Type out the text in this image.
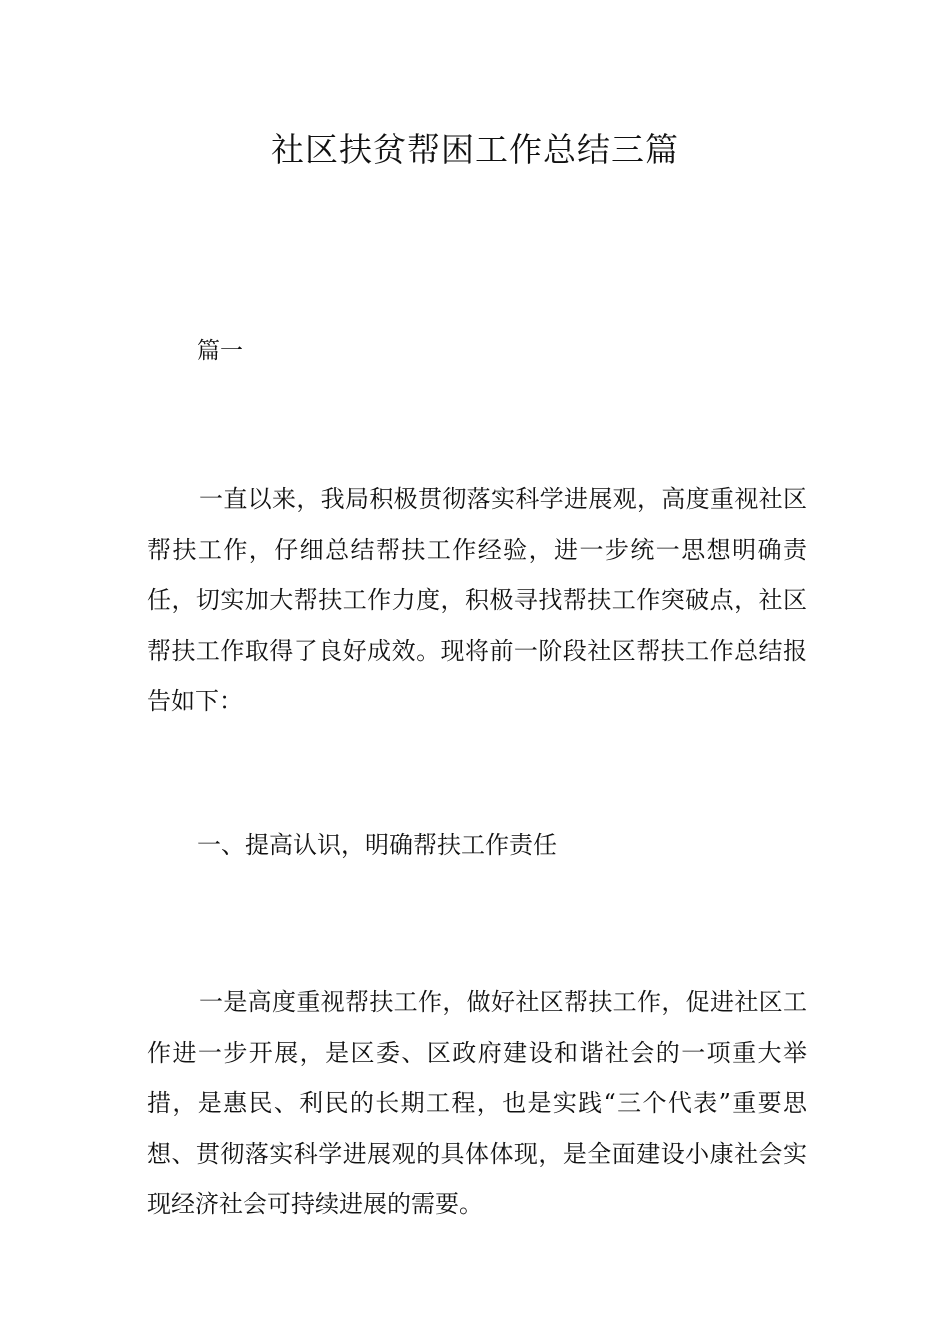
社区扶贫帮困工作总结三篇

篇一

一直以来，我局积极贯彻落实科学进展观，高度重视社区帮扶工作，仔细总结帮扶工作经验，进一步统一思想明确责任，切实加大帮扶工作力度，积极寻找帮扶工作突破点，社区帮扶工作取得了良好成效。现将前一阶段社区帮扶工作总结报告如下：

一、提高认识，明确帮扶工作责任

一是高度重视帮扶工作，做好社区帮扶工作，促进社区工作进一步开展，是区委、区政府建设和谐社会的一项重大举措，是惠民、利民的长期工程，也是实践“三个代表”重要思想、贯彻落实科学进展观的具体体现，是全面建设小康社会实现经济社会可持续进展的需要。
